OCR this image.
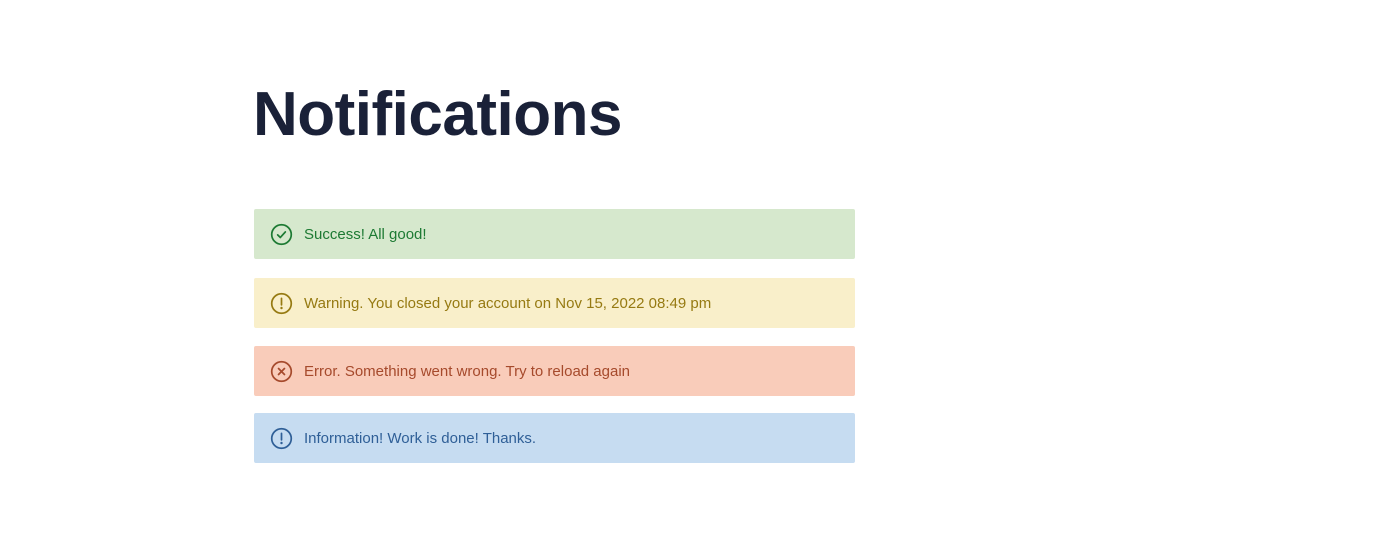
Notifications
Success! All good!
Warning. You closed your account on Nov 15, 2022 08:49 pm
Error. Something went wrong. Try to reload again
Information! Work is done! Thanks.
